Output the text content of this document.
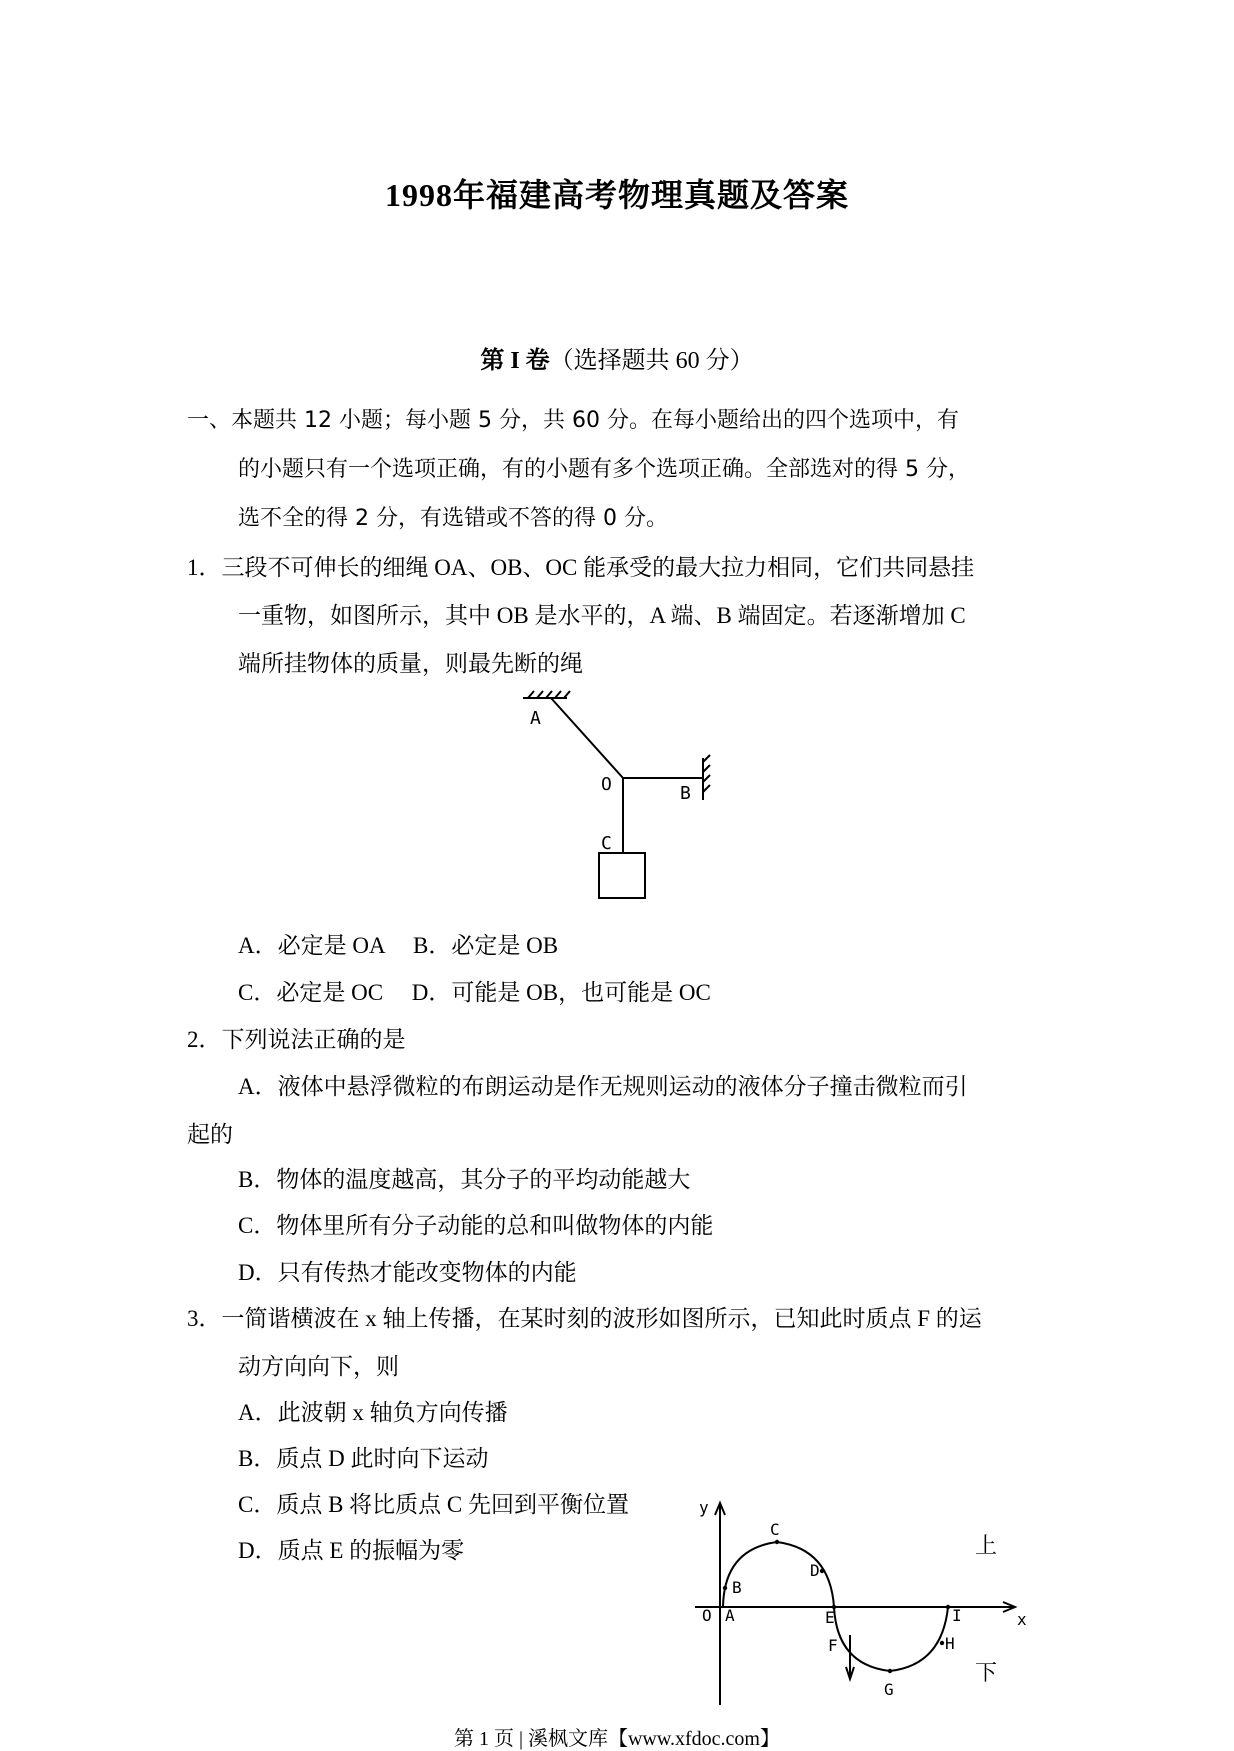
1998年福建高考物理真题及答案
第 I 卷（选择题共 60 分）
一、本题共 12 小题；每小题 5 分，共 60 分。在每小题给出的四个选项中，有
的小题只有一个选项正确，有的小题有多个选项正确。全部选对的得 5 分，
选不全的得 2 分，有选错或不答的得 0 分。
1．三段不可伸长的细绳 OA、OB、OC 能承受的最大拉力相同，它们共同悬挂
一重物，如图所示，其中 OB 是水平的，A 端、B 端固定。若逐渐增加 C
端所挂物体的质量，则最先断的绳
A
O	B
C
A．必定是 OA　 B．必定是 OB
C．必定是 OC　 D．可能是 OB，也可能是 OC
2．下列说法正确的是
A．液体中悬浮微粒的布朗运动是作无规则运动的液体分子撞击微粒而引
起的
B．物体的温度越高，其分子的平均动能越大
C．物体里所有分子动能的总和叫做物体的内能
D．只有传热才能改变物体的内能
3．一简谐横波在 x 轴上传播，在某时刻的波形如图所示，已知此时质点 F 的运
动方向向下，则
A．此波朝 x 轴负方向传播
B．质点 D 此时向下运动
C．质点 B 将比质点 C 先回到平衡位置
D．质点 E 的振幅为零
y
x
O A
B
C
D
E
F
G
H
I
上
下
第 1 页 | 溪枫文库【www.xfdoc.com】
